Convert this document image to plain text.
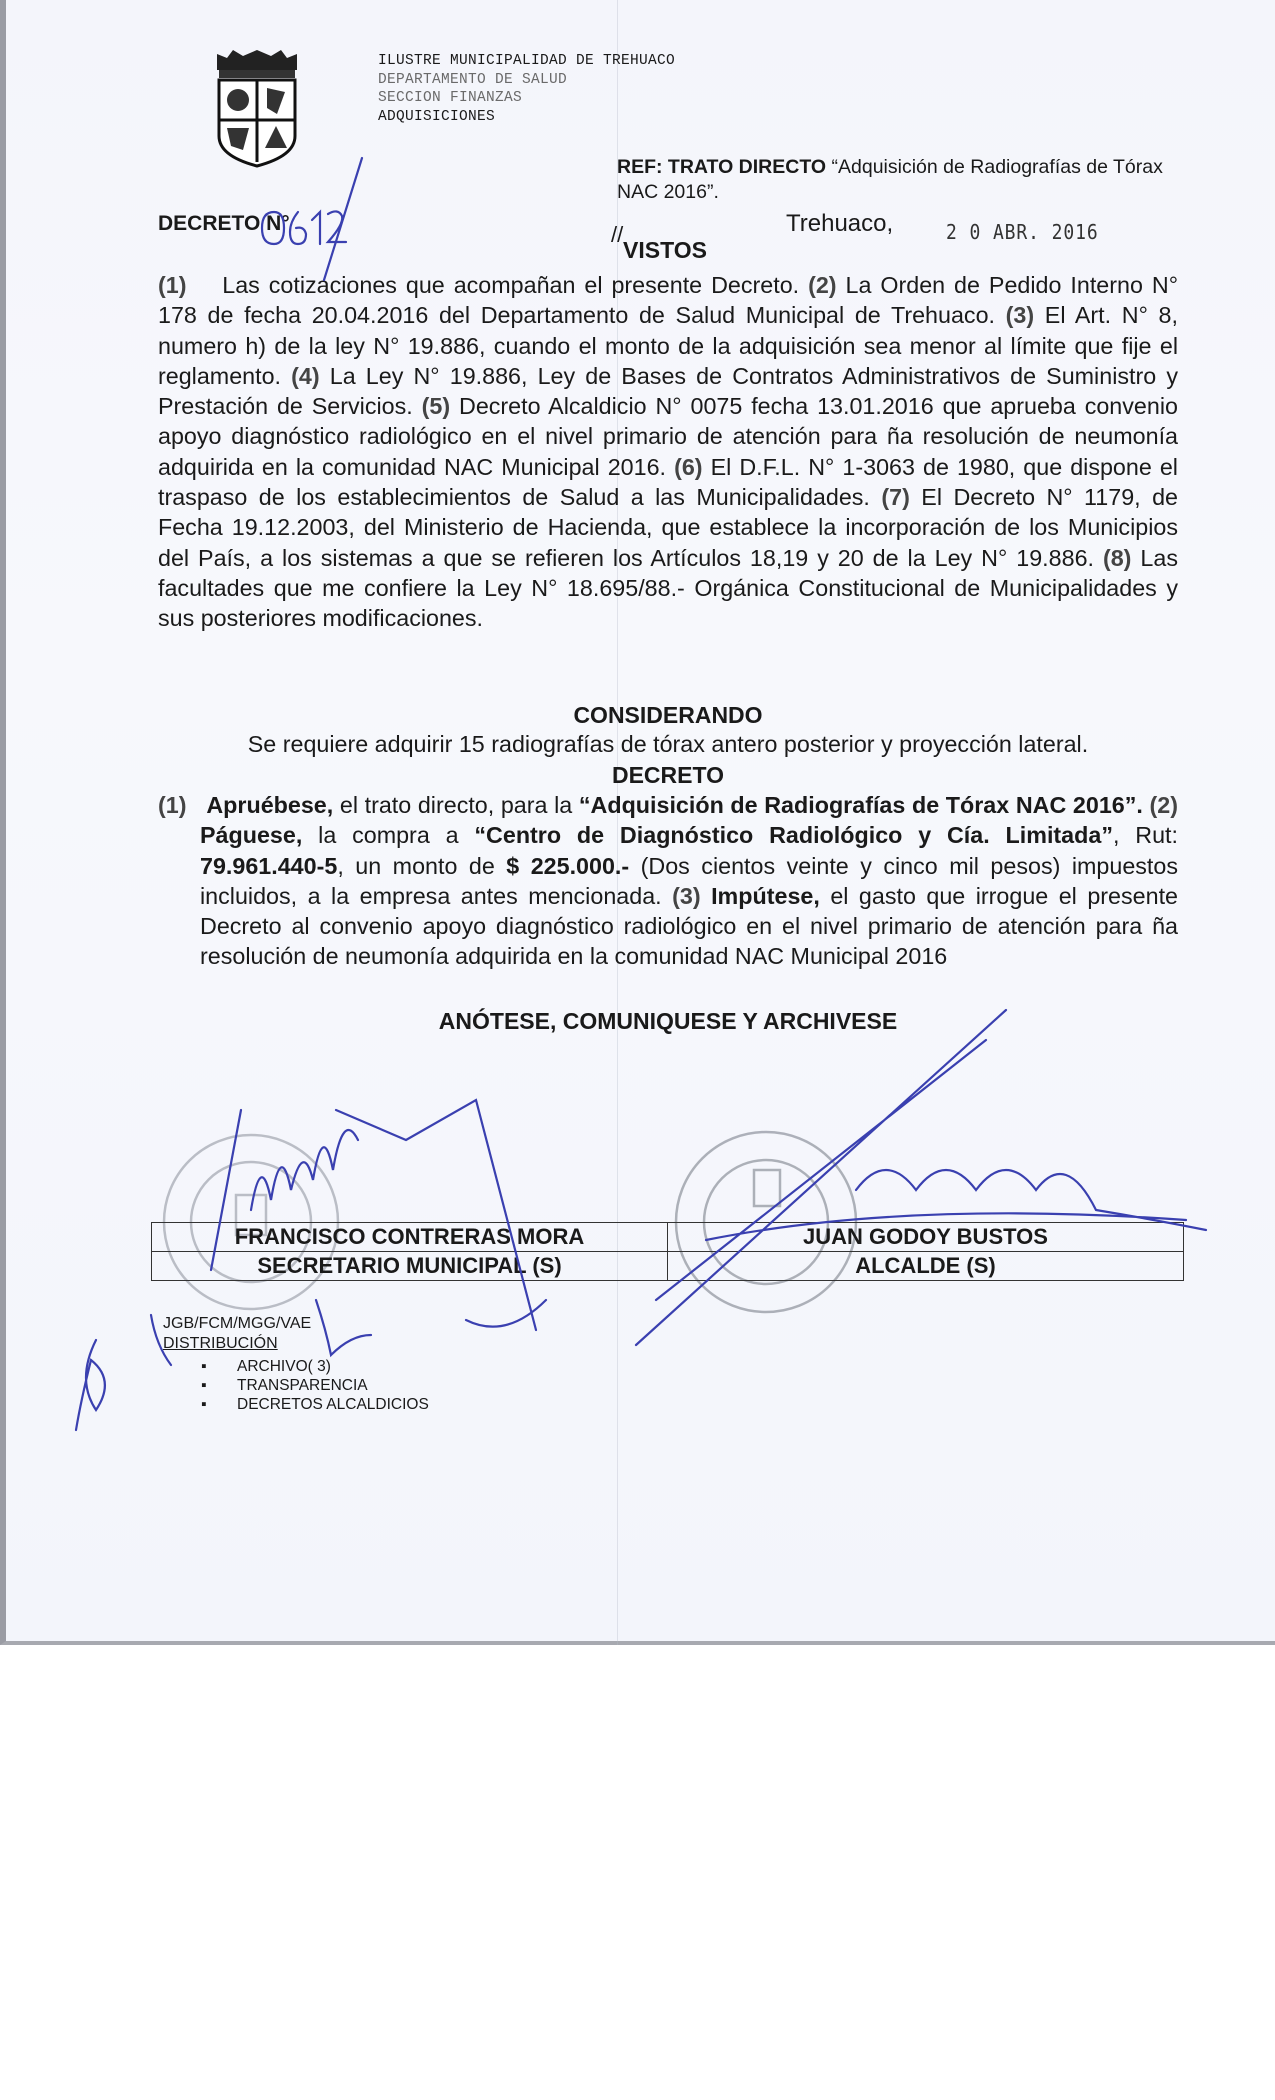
ILUSTRE MUNICIPALIDAD DE TREHUACO
DEPARTAMENTO DE SALUD
SECCION FINANZAS
ADQUISICIONES
REF: TRATO DIRECTO “Adquisición de Radiografías de Tórax NAC 2016”.
DECRETO N°	//	Trehuaco,	2 0 ABR. 2016
VISTOS
(1) Las cotizaciones que acompañan el presente Decreto. (2) La Orden de Pedido Interno N° 178 de fecha 20.04.2016 del Departamento de Salud Municipal de Trehuaco. (3) El Art. N° 8, numero h) de la ley N° 19.886, cuando el monto de la adquisición sea menor al límite que fije el reglamento. (4) La Ley N° 19.886, Ley de Bases de Contratos Administrativos de Suministro y Prestación de Servicios. (5) Decreto Alcaldicio N° 0075 fecha 13.01.2016 que aprueba convenio apoyo diagnóstico radiológico en el nivel primario de atención para ña resolución de neumonía adquirida en la comunidad NAC Municipal 2016. (6) El D.F.L. N° 1-3063 de 1980, que dispone el traspaso de los establecimientos de Salud a las Municipalidades. (7) El Decreto N° 1179, de Fecha 19.12.2003, del Ministerio de Hacienda, que establece la incorporación de los Municipios del País, a los sistemas a que se refieren los Artículos 18,19 y 20 de la Ley N° 19.886. (8) Las facultades que me confiere la Ley N° 18.695/88.- Orgánica Constitucional de Municipalidades y sus posteriores modificaciones.
CONSIDERANDO
Se requiere adquirir 15 radiografías de tórax antero posterior y proyección lateral.
DECRETO
(1) Apruébese, el trato directo, para la “Adquisición de Radiografías de Tórax NAC 2016”. (2) Páguese, la compra a “Centro de Diagnóstico Radiológico y Cía. Limitada”, Rut: 79.961.440-5, un monto de $ 225.000.- (Dos cientos veinte y cinco mil pesos) impuestos incluidos, a la empresa antes mencionada. (3) Impútese, el gasto que irrogue el presente Decreto al convenio apoyo diagnóstico radiológico en el nivel primario de atención para ña resolución de neumonía adquirida en la comunidad NAC Municipal 2016
ANÓTESE, COMUNIQUESE Y ARCHIVESE
FRANCISCO CONTRERAS MORA	JUAN GODOY BUSTOS
SECRETARIO MUNICIPAL (S)	ALCALDE (S)
JGB/FCM/MGG/VAE
DISTRIBUCIÓN
▪ ARCHIVO( 3)
▪ TRANSPARENCIA
▪ DECRETOS ALCALDICIOS
